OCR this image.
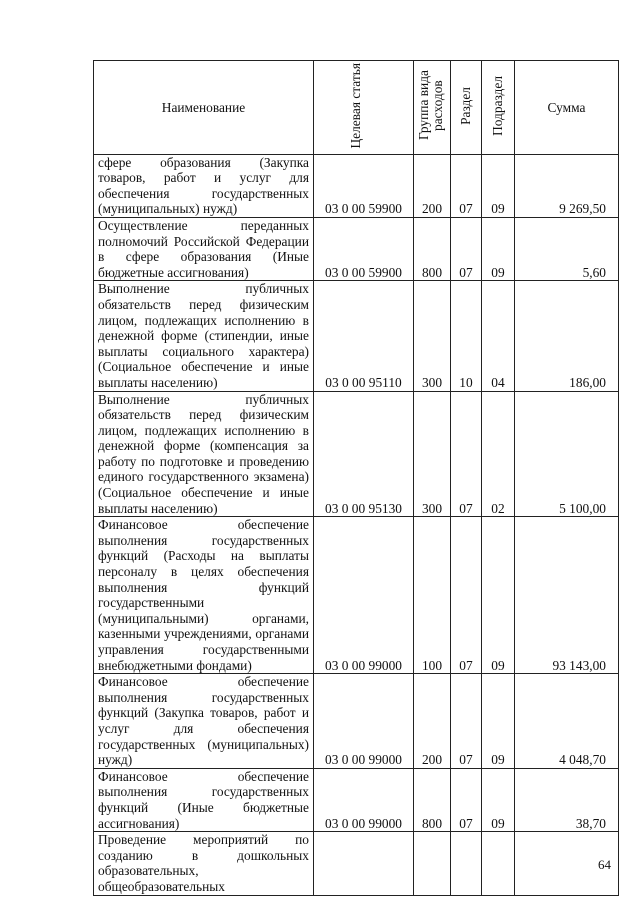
Наименование	Целевая статья	Группа вида расходов	Раздел	Подраздел	Сумма
сфере образования (Закупка товаров, работ и услуг для обеспечения государственных (муниципальных) нужд)	03 0 00 59900	200	07	09	9 269,50
Осуществление переданных полномочий Российской Федерации в сфере образования (Иные бюджетные ассигнования)	03 0 00 59900	800	07	09	5,60
Выполнение публичных обязательств перед физическим лицом, подлежащих исполнению в денежной форме (стипендии, иные выплаты социального характера) (Социальное обеспечение и иные выплаты населению)	03 0 00 95110	300	10	04	186,00
Выполнение публичных обязательств перед физическим лицом, подлежащих исполнению в денежной форме (компенсация за работу по подготовке и проведению единого государственного экзамена) (Социальное обеспечение и иные выплаты населению)	03 0 00 95130	300	07	02	5 100,00
Финансовое обеспечение выполнения государственных функций (Расходы на выплаты персоналу в целях обеспечения выполнения функций государственными (муниципальными) органами, казенными учреждениями, органами управления государственными внебюджетными фондами)	03 0 00 99000	100	07	09	93 143,00
Финансовое обеспечение выполнения государственных функций (Закупка товаров, работ и услуг для обеспечения государственных (муниципальных) нужд)	03 0 00 99000	200	07	09	4 048,70
Финансовое обеспечение выполнения государственных функций (Иные бюджетные ассигнования)	03 0 00 99000	800	07	09	38,70
Проведение мероприятий по созданию в дошкольных образовательных, общеобразовательных					
64
